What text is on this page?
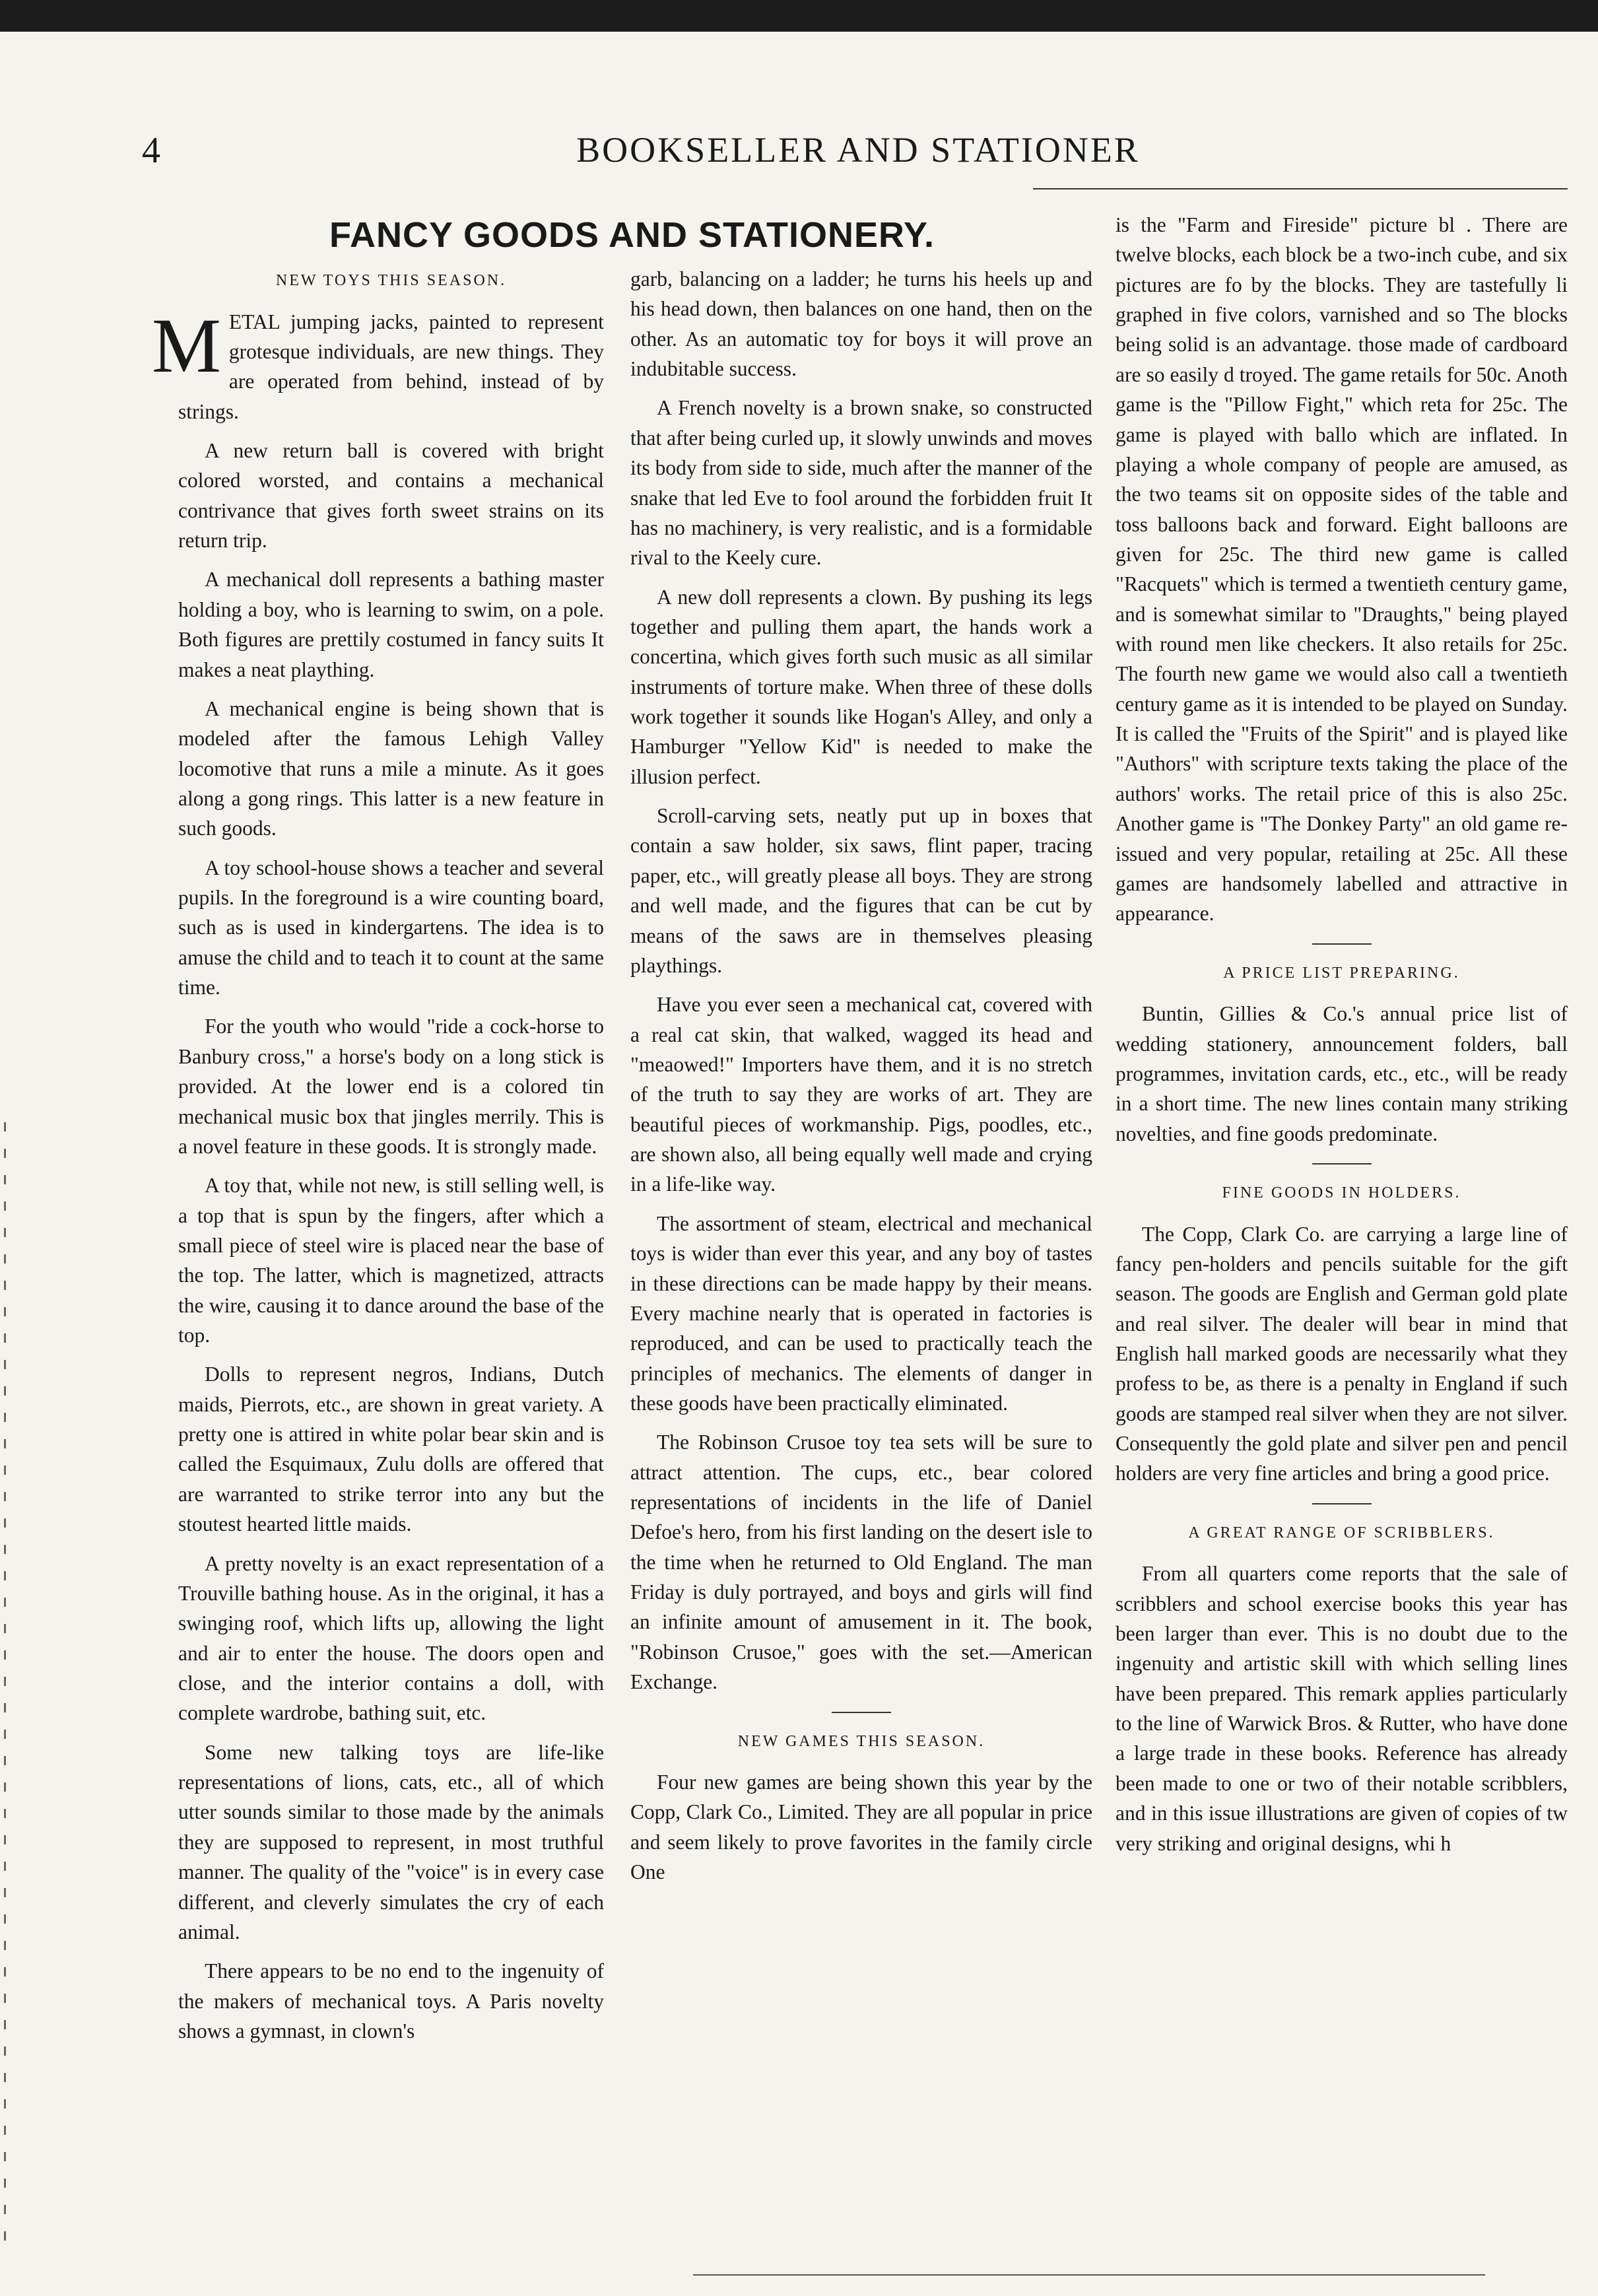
4	BOOKSELLER AND STATIONER
FANCY GOODS AND STATIONERY.
NEW TOYS THIS SEASON.

METAL jumping jacks, painted to represent grotesque individuals, are new things. They are operated from behind, instead of by strings.

A new return ball is covered with bright colored worsted, and contains a mechanical contrivance that gives forth sweet strains on its return trip.

A mechanical doll represents a bathing master holding a boy, who is learning to swim, on a pole. Both figures are prettily costumed in fancy suits It makes a neat plaything.

A mechanical engine is being shown that is modeled after the famous Lehigh Valley locomotive that runs a mile a minute. As it goes along a gong rings. This latter is a new feature in such goods.

A toy school-house shows a teacher and several pupils. In the foreground is a wire counting board, such as is used in kindergartens. The idea is to amuse the child and to teach it to count at the same time.

For the youth who would "ride a cock-horse to Banbury cross," a horse's body on a long stick is provided. At the lower end is a colored tin mechanical music box that jingles merrily. This is a novel feature in these goods. It is strongly made.

A toy that, while not new, is still selling well, is a top that is spun by the fingers, after which a small piece of steel wire is placed near the base of the top. The latter, which is magnetized, attracts the wire, causing it to dance around the base of the top.

Dolls to represent negros, Indians, Dutch maids, Pierrots, etc., are shown in great variety. A pretty one is attired in white polar bear skin and is called the Esquimaux, Zulu dolls are offered that are warranted to strike terror into any but the stoutest hearted little maids.

A pretty novelty is an exact representation of a Trouville bathing house. As in the original, it has a swinging roof, which lifts up, allowing the light and air to enter the house. The doors open and close, and the interior contains a doll, with complete wardrobe, bathing suit, etc.

Some new talking toys are life-like representations of lions, cats, etc., all of which utter sounds similar to those made by the animals they are supposed to represent, in most truthful manner. The quality of the "voice" is in every case different, and cleverly simulates the cry of each animal.

There appears to be no end to the ingenuity of the makers of mechanical toys. A Paris novelty shows a gymnast, in clown's

garb, balancing on a ladder; he turns his heels up and his head down, then balances on one hand, then on the other. As an automatic toy for boys it will prove an indubitable success.

A French novelty is a brown snake, so constructed that after being curled up, it slowly unwinds and moves its body from side to side, much after the manner of the snake that led Eve to fool around the forbidden fruit It has no machinery, is very realistic, and is a formidable rival to the Keely cure.

A new doll represents a clown. By pushing its legs together and pulling them apart, the hands work a concertina, which gives forth such music as all similar instruments of torture make. When three of these dolls work together it sounds like Hogan's Alley, and only a Hamburger "Yellow Kid" is needed to make the illusion perfect.

Scroll-carving sets, neatly put up in boxes that contain a saw holder, six saws, flint paper, tracing paper, etc., will greatly please all boys. They are strong and well made, and the figures that can be cut by means of the saws are in themselves pleasing playthings.

Have you ever seen a mechanical cat, covered with a real cat skin, that walked, wagged its head and "meaowed!" Importers have them, and it is no stretch of the truth to say they are works of art. They are beautiful pieces of workmanship. Pigs, poodles, etc., are shown also, all being equally well made and crying in a life-like way.

The assortment of steam, electrical and mechanical toys is wider than ever this year, and any boy of tastes in these directions can be made happy by their means. Every machine nearly that is operated in factories is reproduced, and can be used to practically teach the principles of mechanics. The elements of danger in these goods have been practically eliminated.

The Robinson Crusoe toy tea sets will be sure to attract attention. The cups, etc., bear colored representations of incidents in the life of Daniel Defoe's hero, from his first landing on the desert isle to the time when he returned to Old England. The man Friday is duly portrayed, and boys and girls will find an infinite amount of amusement in it. The book, "Robinson Crusoe," goes with the set.—American Exchange.

NEW GAMES THIS SEASON.

Four new games are being shown this year by the Copp, Clark Co., Limited. They are all popular in price and seem likely to prove favorites in the family circle One

is the "Farm and Fireside" picture bl . There are twelve blocks, each block be a two-inch cube, and six pictures are fo by the blocks. They are tastefully li graphed in five colors, varnished and so The blocks being solid is an advantage. those made of cardboard are so easily d troyed. The game retails for 50c. Anoth game is the "Pillow Fight," which reta for 25c. The game is played with ballo which are inflated. In playing a whole company of people are amused, as the two teams sit on opposite sides of the table and toss balloons back and forward. Eight balloons are given for 25c. The third new game is called "Racquets" which is termed a twentieth century game, and is somewhat similar to "Draughts," being played with round men like checkers. It also retails for 25c. The fourth new game we would also call a twentieth century game as it is intended to be played on Sunday. It is called the "Fruits of the Spirit" and is played like "Authors" with scripture texts taking the place of the authors' works. The retail price of this is also 25c. Another game is "The Donkey Party" an old game re-issued and very popular, retailing at 25c. All these games are handsomely labelled and attractive in appearance.

A PRICE LIST PREPARING.

Buntin, Gillies & Co.'s annual price list of wedding stationery, announcement folders, ball programmes, invitation cards, etc., etc., will be ready in a short time. The new lines contain many striking novelties, and fine goods predominate.

FINE GOODS IN HOLDERS.

The Copp, Clark Co. are carrying a large line of fancy pen-holders and pencils suitable for the gift season. The goods are English and German gold plate and real silver. The dealer will bear in mind that English hall marked goods are necessarily what they profess to be, as there is a penalty in England if such goods are stamped real silver when they are not silver. Consequently the gold plate and silver pen and pencil holders are very fine articles and bring a good price.

A GREAT RANGE OF SCRIBBLERS.

From all quarters come reports that the sale of scribblers and school exercise books this year has been larger than ever. This is no doubt due to the ingenuity and artistic skill with which selling lines have been prepared. This remark applies particularly to the line of Warwick Bros. & Rutter, who have done a large trade in these books. Reference has already been made to one or two of their notable scribblers, and in this issue illustrations are given of copies of tw very striking and original designs, whi h
